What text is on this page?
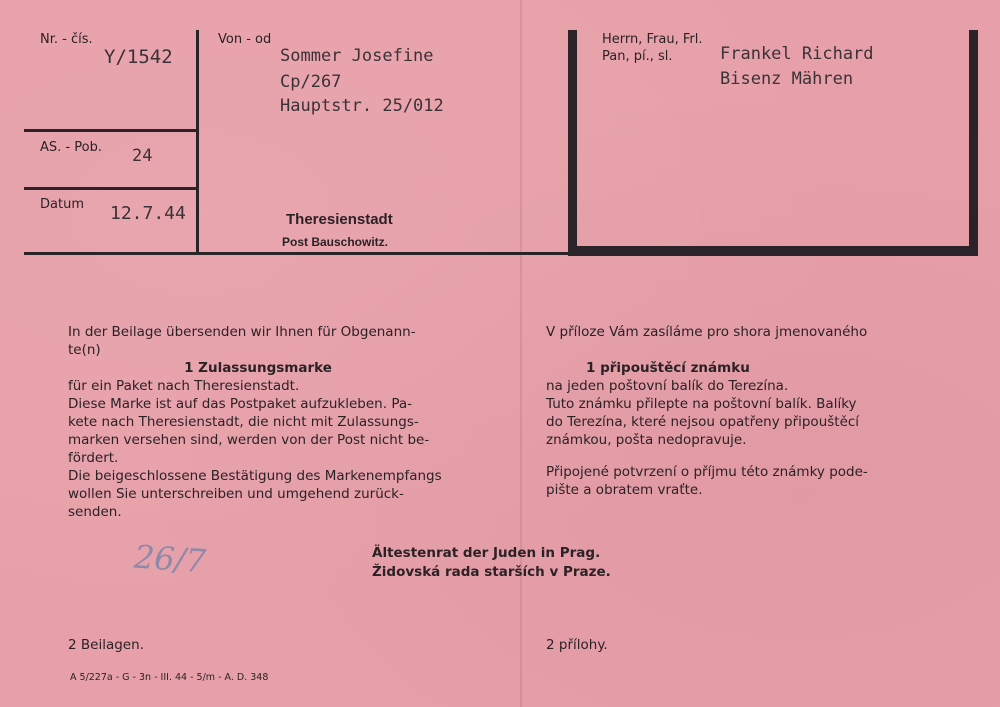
Nr. - čís.
Y/1542
AS. - Pob. 24
Datum 12.7.44
Von - od
Sommer Josefine
Cp/267
Hauptstr. 25/012
Theresienstadt
Post Bauschowitz.
Herrn, Frau, Frl.
Pan, pí., sl.	Frankel Richard
Bisenz Mähren
In der Beilage übersenden wir Ihnen für Obgenann-
te(n)
1 Zulassungsmarke
für ein Paket nach Theresienstadt.
Diese Marke ist auf das Postpaket aufzukleben. Pa-
kete nach Theresienstadt, die nicht mit Zulassungs-
marken versehen sind, werden von der Post nicht be-
fördert.
Die beigeschlossene Bestätigung des Markenempfangs
wollen Sie unterschreiben und umgehend zurück-
senden.
V příloze Vám zasíláme pro shora jmenovaného
1 připouštěcí známku
na jeden poštovní balík do Terezína.
Tuto známku přilepte na poštovní balík. Balíky
do Terezína, které nejsou opatřeny připouštěcí
známkou, pošta nedopravuje.
Připojené potvrzení o příjmu této známky pode-
pište a obratem vraťte.
Ältestenrat der Juden in Prag.
Židovská rada starších v Praze.
26/7
2 Beilagen.	2 přílohy.
A 5/227a - G - 3n - III. 44 - 5/m - A. D. 348
